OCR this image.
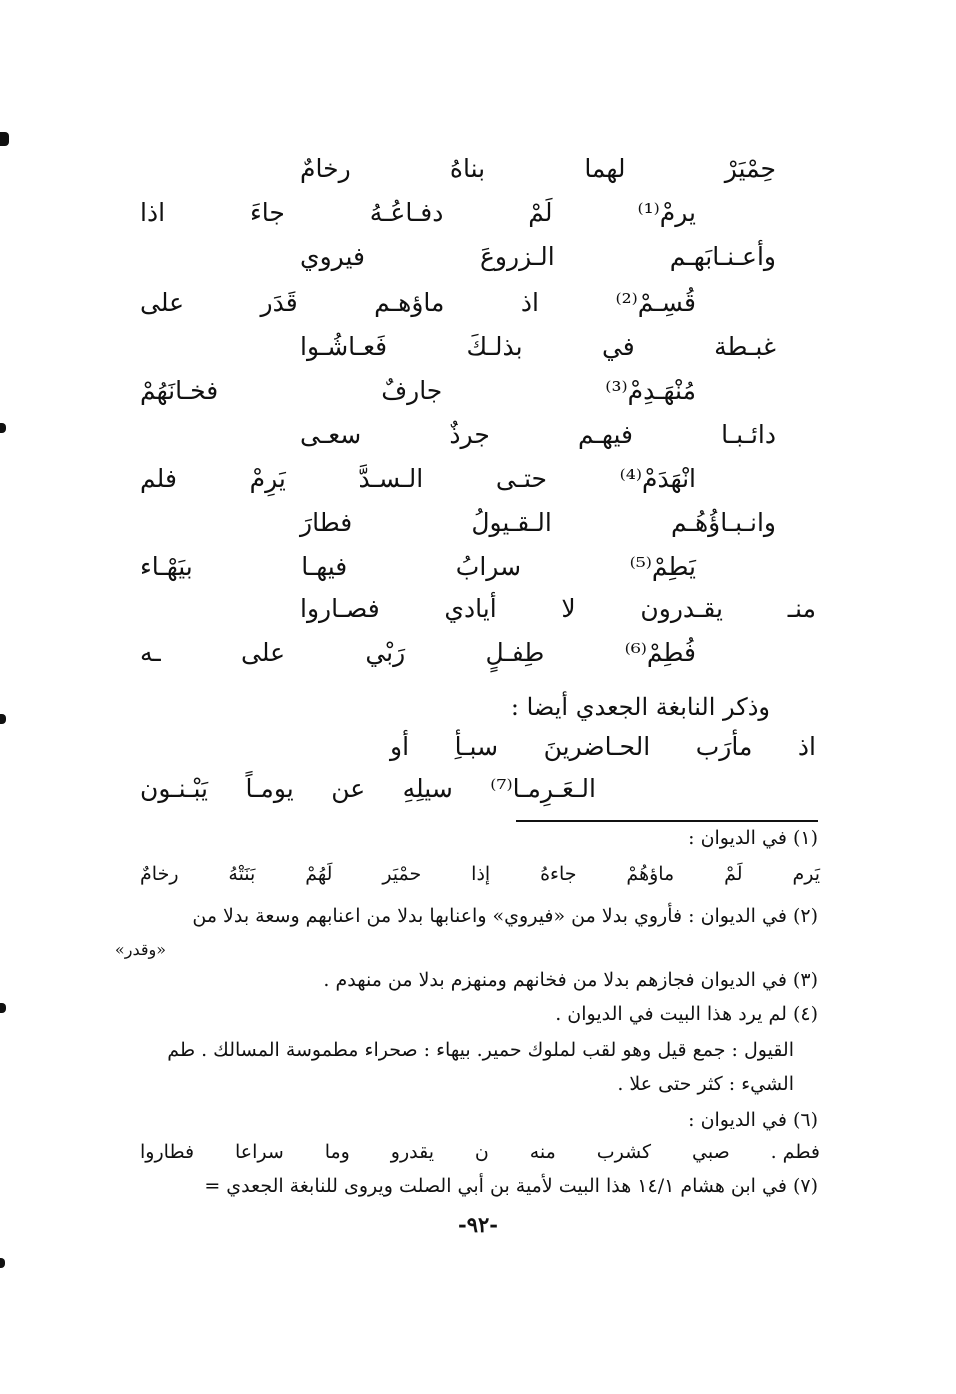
رخامٌ	بناهُ	لهما	حِمْيَرْ
اذا	جاءَ	دفـاعُـهُ	لَمْ	يرمْ⁽¹⁾
فيروي	الـزروعَ	وأعـنـابَهـم
على	قَدَر	ماؤهـم	اذ	قُسِـمْ⁽²⁾
فَعـاشُـوا	بذلـكَ	في	غبـطة
فخـانَهُمْ	جارفٌ	مُنْهَـدِمْ⁽³⁾
سعـى	جرذٌ	فيهـم	دائـبـا
فلم	يَرِمْ	الـسـدَّ	حتـى	انْهَدَمْ⁽⁴⁾
فطارَ	الـقـيولُ	وانـبـاؤُهُـم
بيَهْـاء	فيهـا	سرابُ	يَطِمْ⁽⁵⁾
فصـاروا	أيادي	لا	يقـدرون	منـ
ـه	على	رَبْي	طِفـلٍ	فُطِمْ⁽⁶⁾
وذكر النابغة الجعدي أيضا :
أو سبـأِ الحـاضرينَ مأرَب اذ
يَبْـنـون يومـاً عن سيلِهِ الـعَـرِمـا⁽⁷⁾
(١) في الديوان :
رخامٌ	بَنَتْهُ	لَهُمْ	حمْيَر	إذا	جاءهُ	ماؤهُمْ	لَمْ	يَرم
(٢) في الديوان : فأروي بدلا من «فيروي» واعنابها بدلا من اعنابهم وسعة بدلا من
«وقدر»
(٣) في الديوان فجازهم بدلا من فخانهم ومنهزم بدلا من منهدم .
(٤) لم يرد هذا البيت في الديوان .
القيول : جمع قيل وهو لقب لملوك حمير. بيهاء : صحراء مطموسة المسالك . طم
الشيء : كثر حتى علا .
(٦) في الديوان :
فطاروا سراعا وما يقدرو ن منه كشرب صبي فطم .
(٧) في ابن هشام ١٤/١ هذا البيت لأمية بن أبي الصلت ويروى للنابغة الجعدي =
-٩٢-
